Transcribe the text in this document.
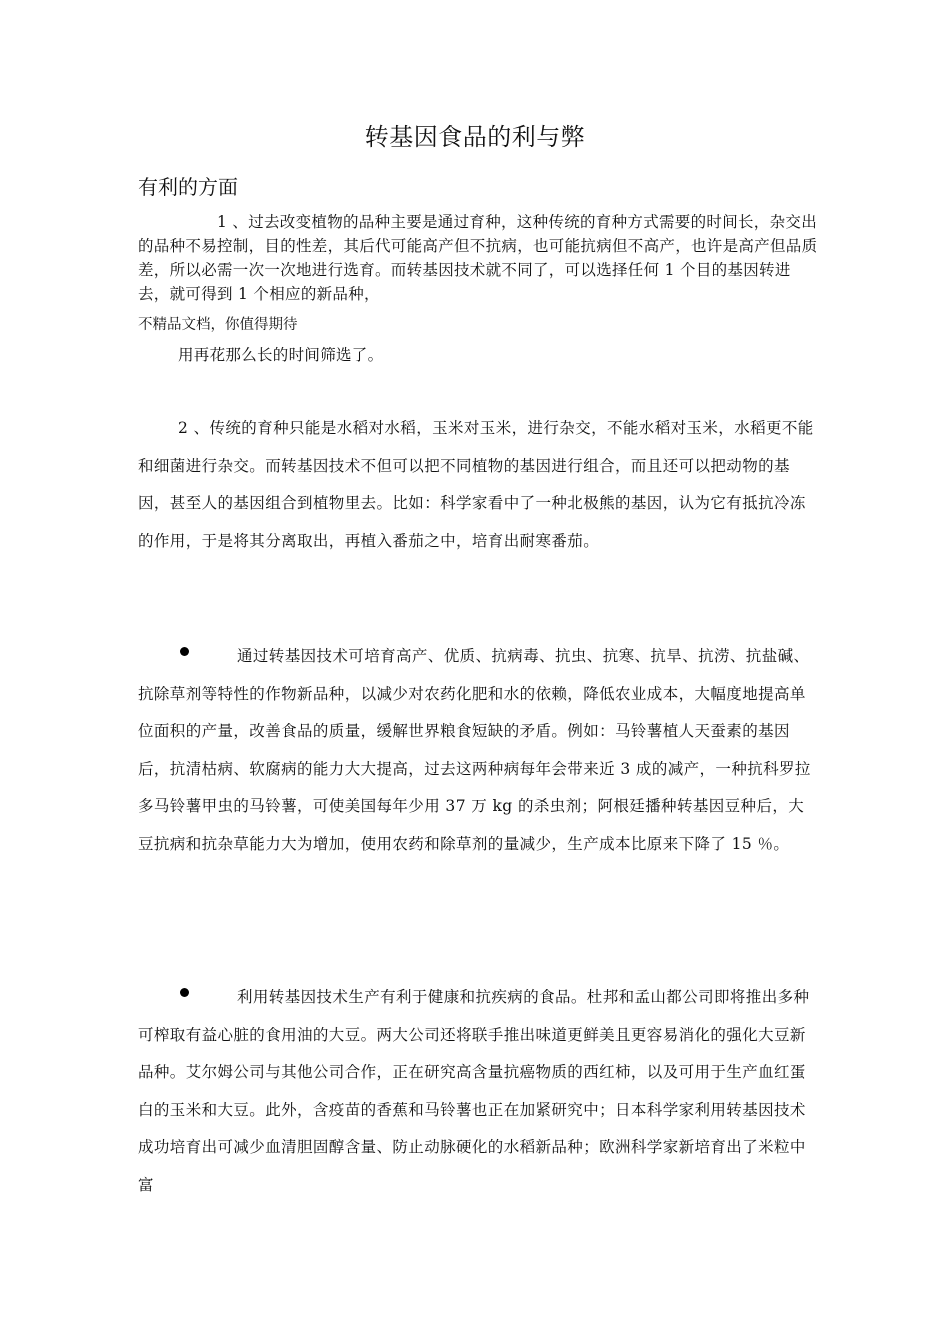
转基因食品的利与弊
有利的方面

1 、过去改变植物的品种主要是通过育种，这种传统的育种方式需要的时间长，杂交出的品种不易控制，目的性差，其后代可能高产但不抗病，也可能抗病但不高产，也许是高产但品质差，所以必需一次一次地进行选育。而转基因技术就不同了，可以选择任何 1 个目的基因转进去，就可得到 1 个相应的新品种，

不精品文档，你值得期待

用再花那么长的时间筛选了。

2 、传统的育种只能是水稻对水稻，玉米对玉米，进行杂交，不能水稻对玉米，水稻更不能和细菌进行杂交。而转基因技术不但可以把不同植物的基因进行组合，而且还可以把动物的基因，甚至人的基因组合到植物里去。比如：科学家看中了一种北极熊的基因，认为它有抵抗冷冻的作用，于是将其分离取出，再植入番茄之中，培育出耐寒番茄。

通过转基因技术可培育高产、优质、抗病毒、抗虫、抗寒、抗旱、抗涝、抗盐碱、抗除草剂等特性的作物新品种，以减少对农药化肥和水的依赖，降低农业成本，大幅度地提高单位面积的产量，改善食品的质量，缓解世界粮食短缺的矛盾。例如：马铃薯植人天蚕素的基因后，抗清枯病、软腐病的能力大大提高，过去这两种病每年会带来近 3 成的减产，一种抗科罗拉多马铃薯甲虫的马铃薯，可使美国每年少用 37 万 kg 的杀虫剂；阿根廷播种转基因豆种后，大豆抗病和抗杂草能力大为增加，使用农药和除草剂的量减少，生产成本比原来下降了 15 ％。

利用转基因技术生产有利于健康和抗疾病的食品。杜邦和孟山都公司即将推出多种可榨取有益心脏的食用油的大豆。两大公司还将联手推出味道更鲜美且更容易消化的强化大豆新品种。艾尔姆公司与其他公司合作，正在研究高含量抗癌物质的西红柿，以及可用于生产血红蛋白的玉米和大豆。此外，含疫苗的香蕉和马铃薯也正在加紧研究中；日本科学家利用转基因技术成功培育出可减少血清胆固醇含量、防止动脉硬化的水稻新品种；欧洲科学家新培育出了米粒中富
